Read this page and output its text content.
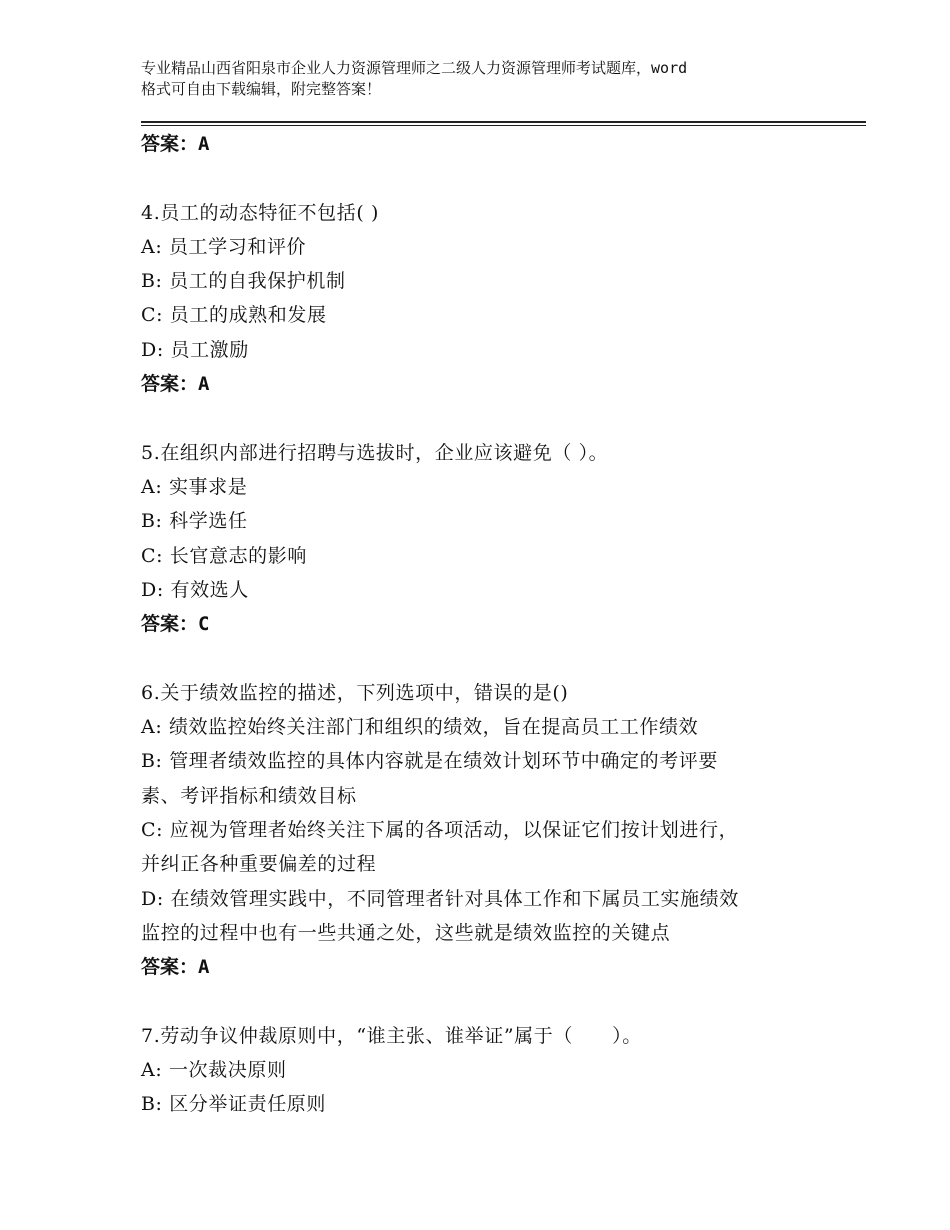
专业精品山西省阳泉市企业人力资源管理师之二级人力资源管理师考试题库，word
格式可自由下载编辑，附完整答案！
答案：A
4.员工的动态特征不包括( )
A: 员工学习和评价
B: 员工的自我保护机制
C: 员工的成熟和发展
D: 员工激励
答案：A
5.在组织内部进行招聘与选拔时，企业应该避免（ ）。
A: 实事求是
B: 科学选任
C: 长官意志的影响
D: 有效选人
答案：C
6.关于绩效监控的描述，下列选项中，错误的是()
A: 绩效监控始终关注部门和组织的绩效，旨在提高员工工作绩效
B: 管理者绩效监控的具体内容就是在绩效计划环节中确定的考评要
素、考评指标和绩效目标
C: 应视为管理者始终关注下属的各项活动，以保证它们按计划进行，
并纠正各种重要偏差的过程
D: 在绩效管理实践中，不同管理者针对具体工作和下属员工实施绩效
监控的过程中也有一些共通之处，这些就是绩效监控的关键点
答案：A
7.劳动争议仲裁原则中，“谁主张、谁举证”属于（　　）。
A: 一次裁决原则
B: 区分举证责任原则
